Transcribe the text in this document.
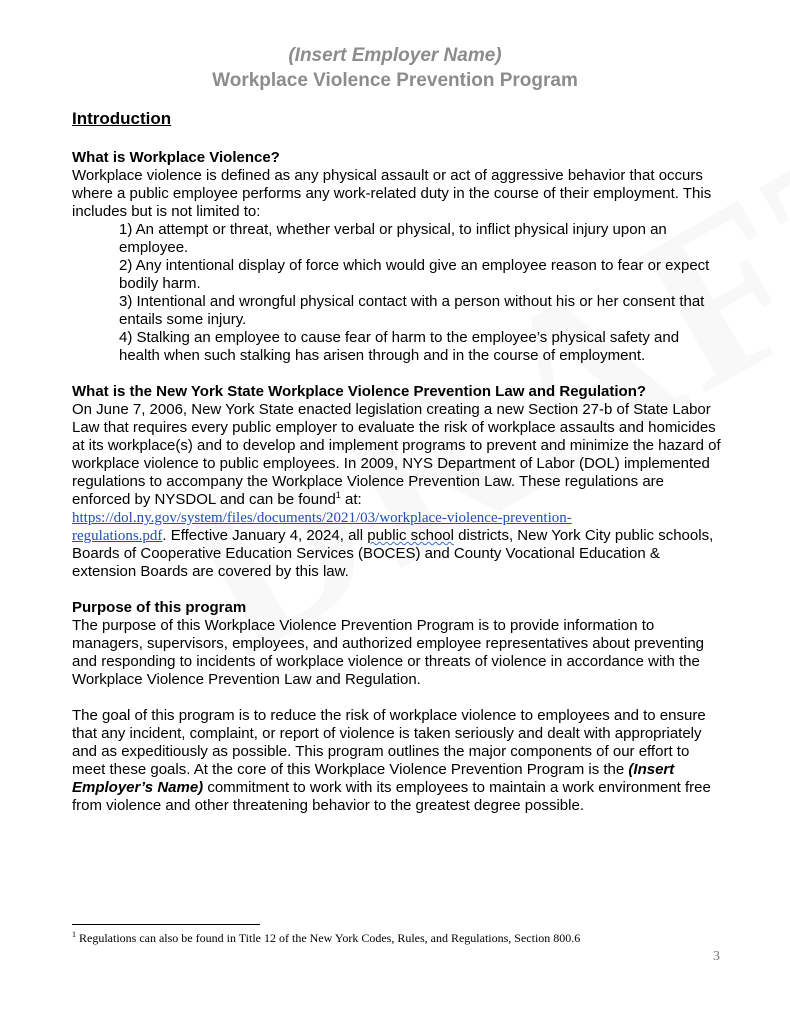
(Insert Employer Name)
Workplace Violence Prevention Program
Introduction
What is Workplace Violence?
Workplace violence is defined as any physical assault or act of aggressive behavior that occurs where a public employee performs any work-related duty in the course of their employment. This includes but is not limited to:
1) An attempt or threat, whether verbal or physical, to inflict physical injury upon an employee.
2) Any intentional display of force which would give an employee reason to fear or expect bodily harm.
3) Intentional and wrongful physical contact with a person without his or her consent that entails some injury.
4) Stalking an employee to cause fear of harm to the employee’s physical safety and health when such stalking has arisen through and in the course of employment.
What is the New York State Workplace Violence Prevention Law and Regulation?
On June 7, 2006, New York State enacted legislation creating a new Section 27-b of State Labor Law that requires every public employer to evaluate the risk of workplace assaults and homicides at its workplace(s) and to develop and implement programs to prevent and minimize the hazard of workplace violence to public employees. In 2009, NYS Department of Labor (DOL) implemented regulations to accompany the Workplace Violence Prevention Law. These regulations are enforced by NYSDOL and can be found$^1$ at:
https://dol.ny.gov/system/files/documents/2021/03/workplace-violence-prevention-
regulations.pdf. Effective January 4, 2024, all public school districts, New York City public schools, Boards of Cooperative Education Services (BOCES) and County Vocational Education & extension Boards are covered by this law.
Purpose of this program
The purpose of this Workplace Violence Prevention Program is to provide information to managers, supervisors, employees, and authorized employee representatives about preventing and responding to incidents of workplace violence or threats of violence in accordance with the Workplace Violence Prevention Law and Regulation.
The goal of this program is to reduce the risk of workplace violence to employees and to ensure that any incident, complaint, or report of violence is taken seriously and dealt with appropriately and as expeditiously as possible. This program outlines the major components of our effort to meet these goals. At the core of this Workplace Violence Prevention Program is the (Insert Employer’s Name) commitment to work with its employees to maintain a work environment free from violence and other threatening behavior to the greatest degree possible.
$^1$ Regulations can also be found in Title 12 of the New York Codes, Rules, and Regulations, Section 800.6
3
